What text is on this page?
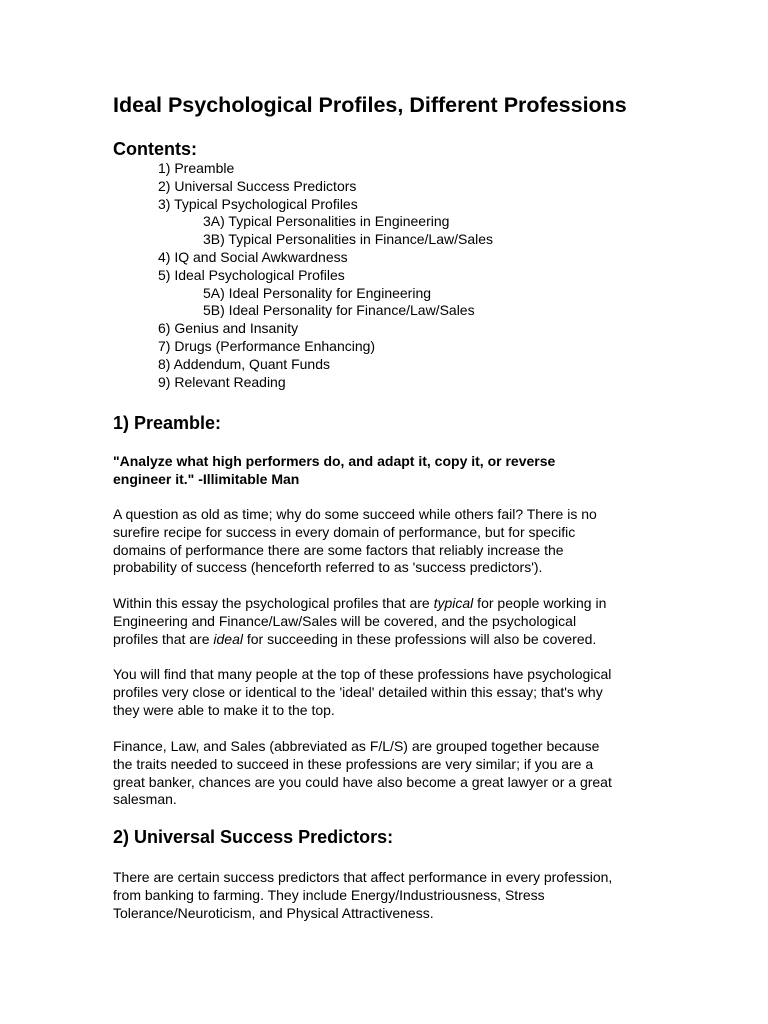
Ideal Psychological Profiles, Different Professions
Contents:
1) Preamble
2) Universal Success Predictors
3) Typical Psychological Profiles
3A) Typical Personalities in Engineering
3B) Typical Personalities in Finance/Law/Sales
4) IQ and Social Awkwardness
5) Ideal Psychological Profiles
5A) Ideal Personality for Engineering
5B) Ideal Personality for Finance/Law/Sales
6) Genius and Insanity
7) Drugs (Performance Enhancing)
8) Addendum, Quant Funds
9) Relevant Reading
1) Preamble:

"Analyze what high performers do, and adapt it, copy it, or reverse
engineer it." -Illimitable Man

A question as old as time; why do some succeed while others fail? There is no
surefire recipe for success in every domain of performance, but for specific
domains of performance there are some factors that reliably increase the
probability of success (henceforth referred to as 'success predictors').

Within this essay the psychological profiles that are typical for people working in
Engineering and Finance/Law/Sales will be covered, and the psychological
profiles that are ideal for succeeding in these professions will also be covered.

You will find that many people at the top of these professions have psychological
profiles very close or identical to the 'ideal' detailed within this essay; that's why
they were able to make it to the top.

Finance, Law, and Sales (abbreviated as F/L/S) are grouped together because
the traits needed to succeed in these professions are very similar; if you are a
great banker, chances are you could have also become a great lawyer or a great
salesman.

2) Universal Success Predictors:

There are certain success predictors that affect performance in every profession,
from banking to farming. They include Energy/Industriousness, Stress
Tolerance/Neuroticism, and Physical Attractiveness.
